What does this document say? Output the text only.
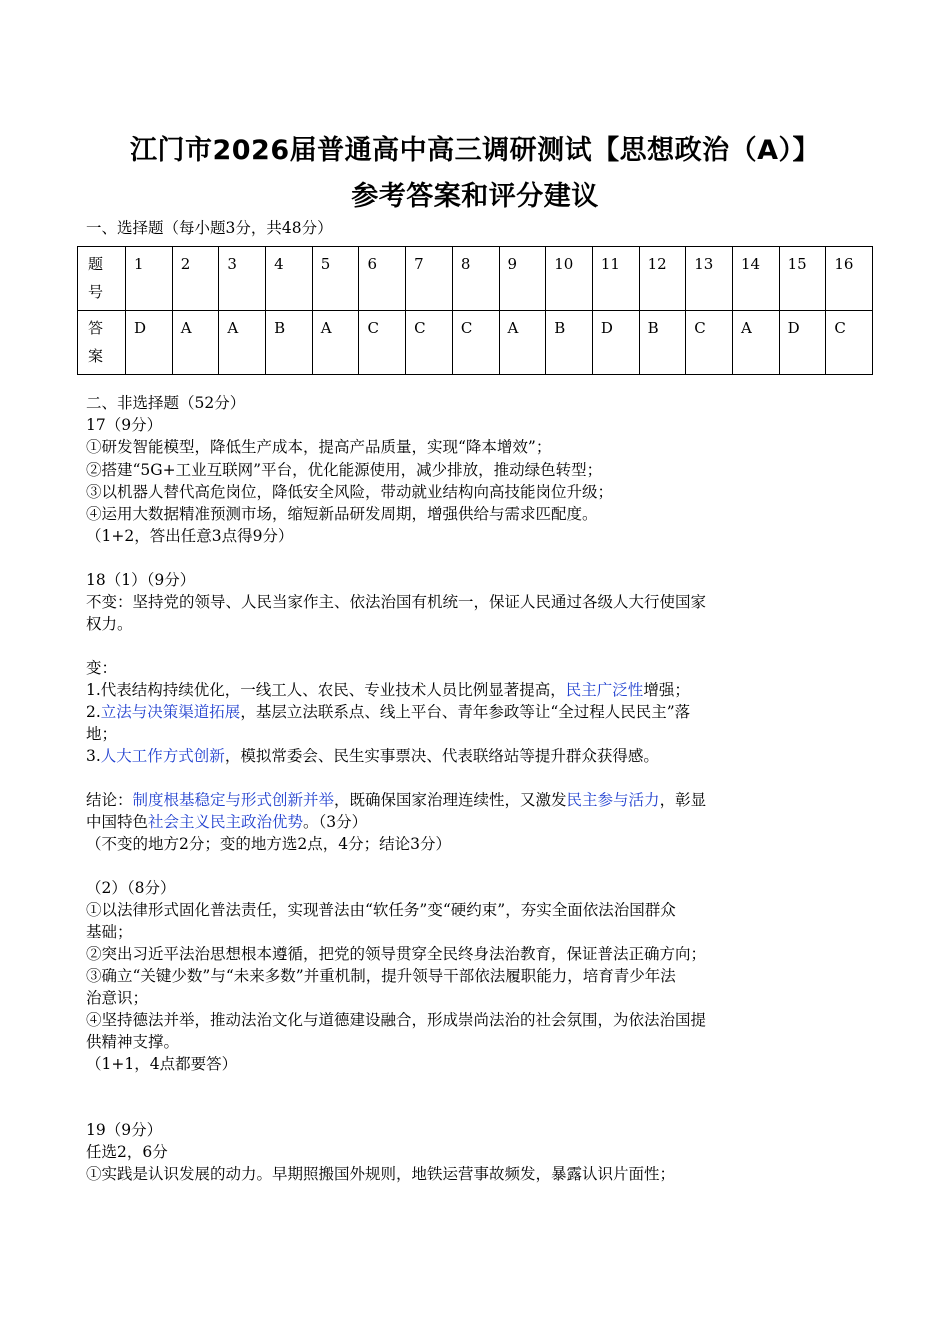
江门市2026届普通高中高三调研测试【思想政治（A）】
参考答案和评分建议
一、选择题（每小题3分，共48分）
题
号	1	2	3	4	5	6	7	8	9	10	11	12	13	14	15	16

答
案	D	A	A	B	A	C	C	C	A	B	D	B	C	A	D	C
二、非选择题（52分）
17（9分）
①研发智能模型，降低生产成本，提高产品质量，实现“降本增效”；
②搭建“5G+工业互联网”平台，优化能源使用，减少排放，推动绿色转型；
③以机器人替代高危岗位，降低安全风险，带动就业结构向高技能岗位升级；
④运用大数据精准预测市场，缩短新品研发周期，增强供给与需求匹配度。
（1+2，答出任意3点得9分）
18（1）（9分）
不变：坚持党的领导、人民当家作主、依法治国有机统一，保证人民通过各级人大行使国家
权力。
变：
1.代表结构持续优化，一线工人、农民、专业技术人员比例显著提高，民主广泛性增强；
2.立法与决策渠道拓展，基层立法联系点、线上平台、青年参政等让“全过程人民民主”落
地；
3.人大工作方式创新，模拟常委会、民生实事票决、代表联络站等提升群众获得感。
结论：制度根基稳定与形式创新并举，既确保国家治理连续性，又激发民主参与活力，彰显
中国特色社会主义民主政治优势。（3分）
（不变的地方2分；变的地方选2点，4分；结论3分）
（2）（8分）
①以法律形式固化普法责任，实现普法由“软任务”变“硬约束”，夯实全面依法治国群众
基础；
②突出习近平法治思想根本遵循，把党的领导贯穿全民终身法治教育，保证普法正确方向；
③确立“关键少数”与“未来多数”并重机制，提升领导干部依法履职能力，培育青少年法
治意识；
④坚持德法并举，推动法治文化与道德建设融合，形成崇尚法治的社会氛围，为依法治国提
供精神支撑。
（1+1，4点都要答）
19（9分）
任选2，6分
①实践是认识发展的动力。早期照搬国外规则，地铁运营事故频发，暴露认识片面性；
